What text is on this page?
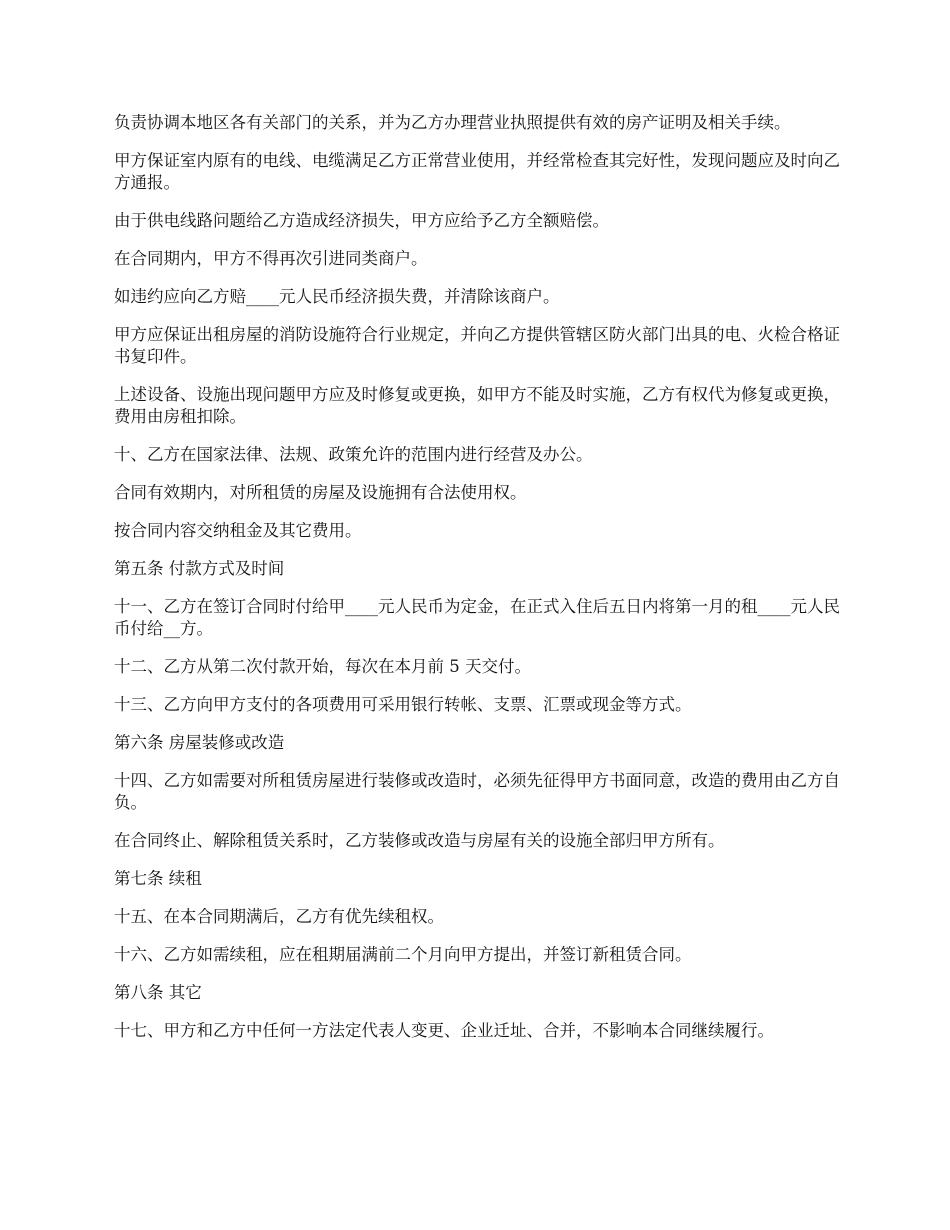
负责协调本地区各有关部门的关系，并为乙方办理营业执照提供有效的房产证明及相关手续。

甲方保证室内原有的电线、电缆满足乙方正常营业使用，并经常检查其完好性，发现问题应及时向乙方通报。

由于供电线路问题给乙方造成经济损失，甲方应给予乙方全额赔偿。

在合同期内，甲方不得再次引进同类商户。

如违约应向乙方赔____元人民币经济损失费，并清除该商户。

甲方应保证出租房屋的消防设施符合行业规定，并向乙方提供管辖区防火部门出具的电、火检合格证书复印件。

上述设备、设施出现问题甲方应及时修复或更换，如甲方不能及时实施，乙方有权代为修复或更换，费用由房租扣除。

十、乙方在国家法律、法规、政策允许的范围内进行经营及办公。

合同有效期内，对所租赁的房屋及设施拥有合法使用权。

按合同内容交纳租金及其它费用。

第五条 付款方式及时间

十一、乙方在签订合同时付给甲____元人民币为定金，在正式入住后五日内将第一月的租____元人民币付给__方。

十二、乙方从第二次付款开始，每次在本月前 5 天交付。

十三、乙方向甲方支付的各项费用可采用银行转帐、支票、汇票或现金等方式。

第六条 房屋装修或改造

十四、乙方如需要对所租赁房屋进行装修或改造时，必须先征得甲方书面同意，改造的费用由乙方自负。

在合同终止、解除租赁关系时，乙方装修或改造与房屋有关的设施全部归甲方所有。

第七条 续租

十五、在本合同期满后，乙方有优先续租权。

十六、乙方如需续租，应在租期届满前二个月向甲方提出，并签订新租赁合同。

第八条 其它

十七、甲方和乙方中任何一方法定代表人变更、企业迁址、合并，不影响本合同继续履行。
